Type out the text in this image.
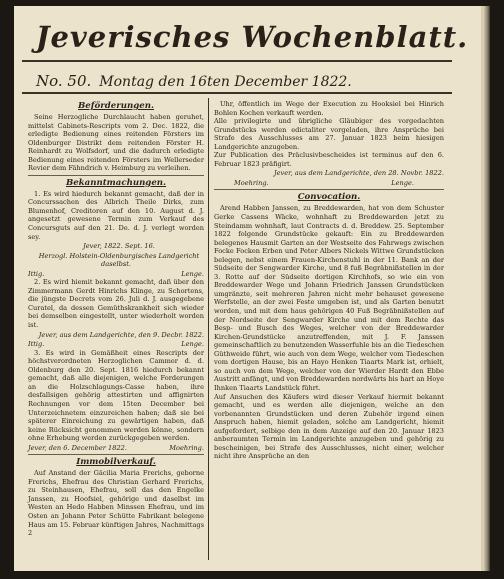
Jeverisches Wochenblatt.
No. 50. Montag den 16ten December 1822.
Beförderungen.

Seine Herzogliche Durchlaucht haben geruhet, mittelst Cabinets-Rescripts vom 2. Dec. 1822, die erledigte Bedienung eines reitenden Försters im Oldenburger Distrikt dem reitenden Förster H. Reinhardt zu Wolfsdorf, und die dadurch erledigte Bedienung eines reitenden Försters im Wellerseder Revier dem Fähndrich v. Heimburg zu verleihen.

Bekanntmachungen.

1. Es wird hiedurch bekannt gemacht, daß der in Concurssachen des Albrich Theile Dirks, zum Blumenhof, Creditoren auf den 10. August d. J. angesetzt gewesene Termin zum Verkauf des Concursguts auf den 21. De. d. J. verlegt worden sey.

Jever, 1822. Sept. 16.

Herzogl. Holstein-Oldenburgisches Landgericht daselbst.

Ittig.	Lenge.

2. Es wird hiemit bekannt gemacht, daß über den Zimmermann Gerdt Hinrichs Klinge, zu Schortens, die jüngste Decrets vom 26. Juli d. J. ausgegebene Curatel, da dessen Gemüthskrankheit sich wieder bei demselben eingestellt, unter wiederholt worden ist.

Jever, aus dem Landgerichte, den 9. Decbr. 1822.

Ittig.	Lenge.

3. Es wird in Gemäßheit eines Rescripts der höchstverordneten Herzoglichen Cammer d. d. Oldenburg den 20. Sept. 1816 hiedurch bekannt gemacht, daß alle diejenigen, welche Forderungen an die Holzschlagungs-Casse haben, ihre desfallsigen gehörig attestirten und affignirten Rechnungen vor dem 15ten December bei Unterzeichnetem einzureichen haben; daß sie bei späterer Einreichung zu gewärtigen haben, daß keine Rücksicht genommen werden könne, sondern ohne Erhebung werden zurückgegeben werden.

Jever, den 6. December 1822.	Moehring.
Immobilverkauf.

Auf Anstand der Gäcilia Maria Frerichs, geborne Frerichs, Ehefrau des Christian Gerhard Frerichs, zu Steinhausen, Ehefrau, soll das den Engelke Janssen, zu Hoofsiel, gehörige und daselbst im Westen an Hedo Habben Minssen Ehefrau, und im Osten an Johann Peter Schütte Fabrikant belegene Haus am 15. Februar künftigen Jahres, Nachmittags 2

Uhr, öffentlich im Wege der Execution zu Hooksiel bei Hinrich Bohlen Kochen verkauft werden.
Alle privilegirte und übrigliche Gläubiger des vorgedachten Grundstücks werden edictaliter vorgeladen, ihre Ansprüche bei Strafe des Ausschlusses am 27. Januar 1823 beim hiesigen Landgerichte anzugeben.
Zur Publication des Präclusivbescheides ist terminus auf den 6. Februar 1823 präfigirt.

Jever, aus dem Landgerichte, den 28. Novbr. 1822.

Moehring.	Lenge.
Convocation.

Arend Habben Janssen, zu Breddewarden, hat von dem Schuster Gerke Cassens Wäcke, wohnhaft zu Breddewarden jetzt zu Steindamm wohnhaft, laut Contracts d. d. Breddew. 25. September 1822 folgende Grundstücke gekauft: Ein zu Breddewarden belegenes Hausmit Garten an der Westseite des Fahrwegs zwischen Focke Focken Erben und Peter Albers Nickels Wittwe Grundstücken belegen, nebst einem Frauen-Kirchenstuhl in der 11. Bank an der Südseite der Sengwarder Kirche, und 8 fuß Begräbnißstellen in der 3. Rotte auf der Südseite dortigen Kirchhofs, so wie ein von Breddewarder Wege und Johann Friedrich Janssen Grundstücken umgränzte, seit mehreren Jahren nicht mehr behauset gewesene Werfstelle, an der zwei Feste umgeben ist, und als Garten benutzt worden, und mit dem haus gehörigen 40 Fuß Begräbnißstellen auf der Nordseite der Sengwarder Kirche und mit dem Rechte das Besp- und Busch des Weges, welcher von der Breddewarder Kirchen-Grundstücke anzutreffenden, mit J. F. Janssen gemeinschaftlich zu benutzenden Wasserfuhle bis an die Tiedeschen Güthweide führt, wie auch von dem Wege, welcher vom Tiedeschen vom dortigen Hause, bis an Hayo Henken Tiaarts Mark ist, erhielt, so auch von dem Wege, welcher von der Wierder Hardt den Ebbe Austritt anfängt, und von Breddewarden nordwärts bis hart an Hoye Ihnken Tiaarts Landstück führt.
Auf Ansuchen des Käufers wird dieser Verkauf hiermit bekannt gemacht, und es werden alle diejenigen, welche an den vorbenannten Grundstücken und deren Zubehör irgend einen Anspruch haben, hiemit geladen, solche am Landgericht, hiemit aufgefordert, selbige den in dem Anzeige auf den 20. Januar 1823 anberaumten Termin im Landgerichte anzugeben und gehörig zu bescheinigen, bei Strafe des Ausschlusses, nicht einer, welcher nicht ihre Ansprüche an den
